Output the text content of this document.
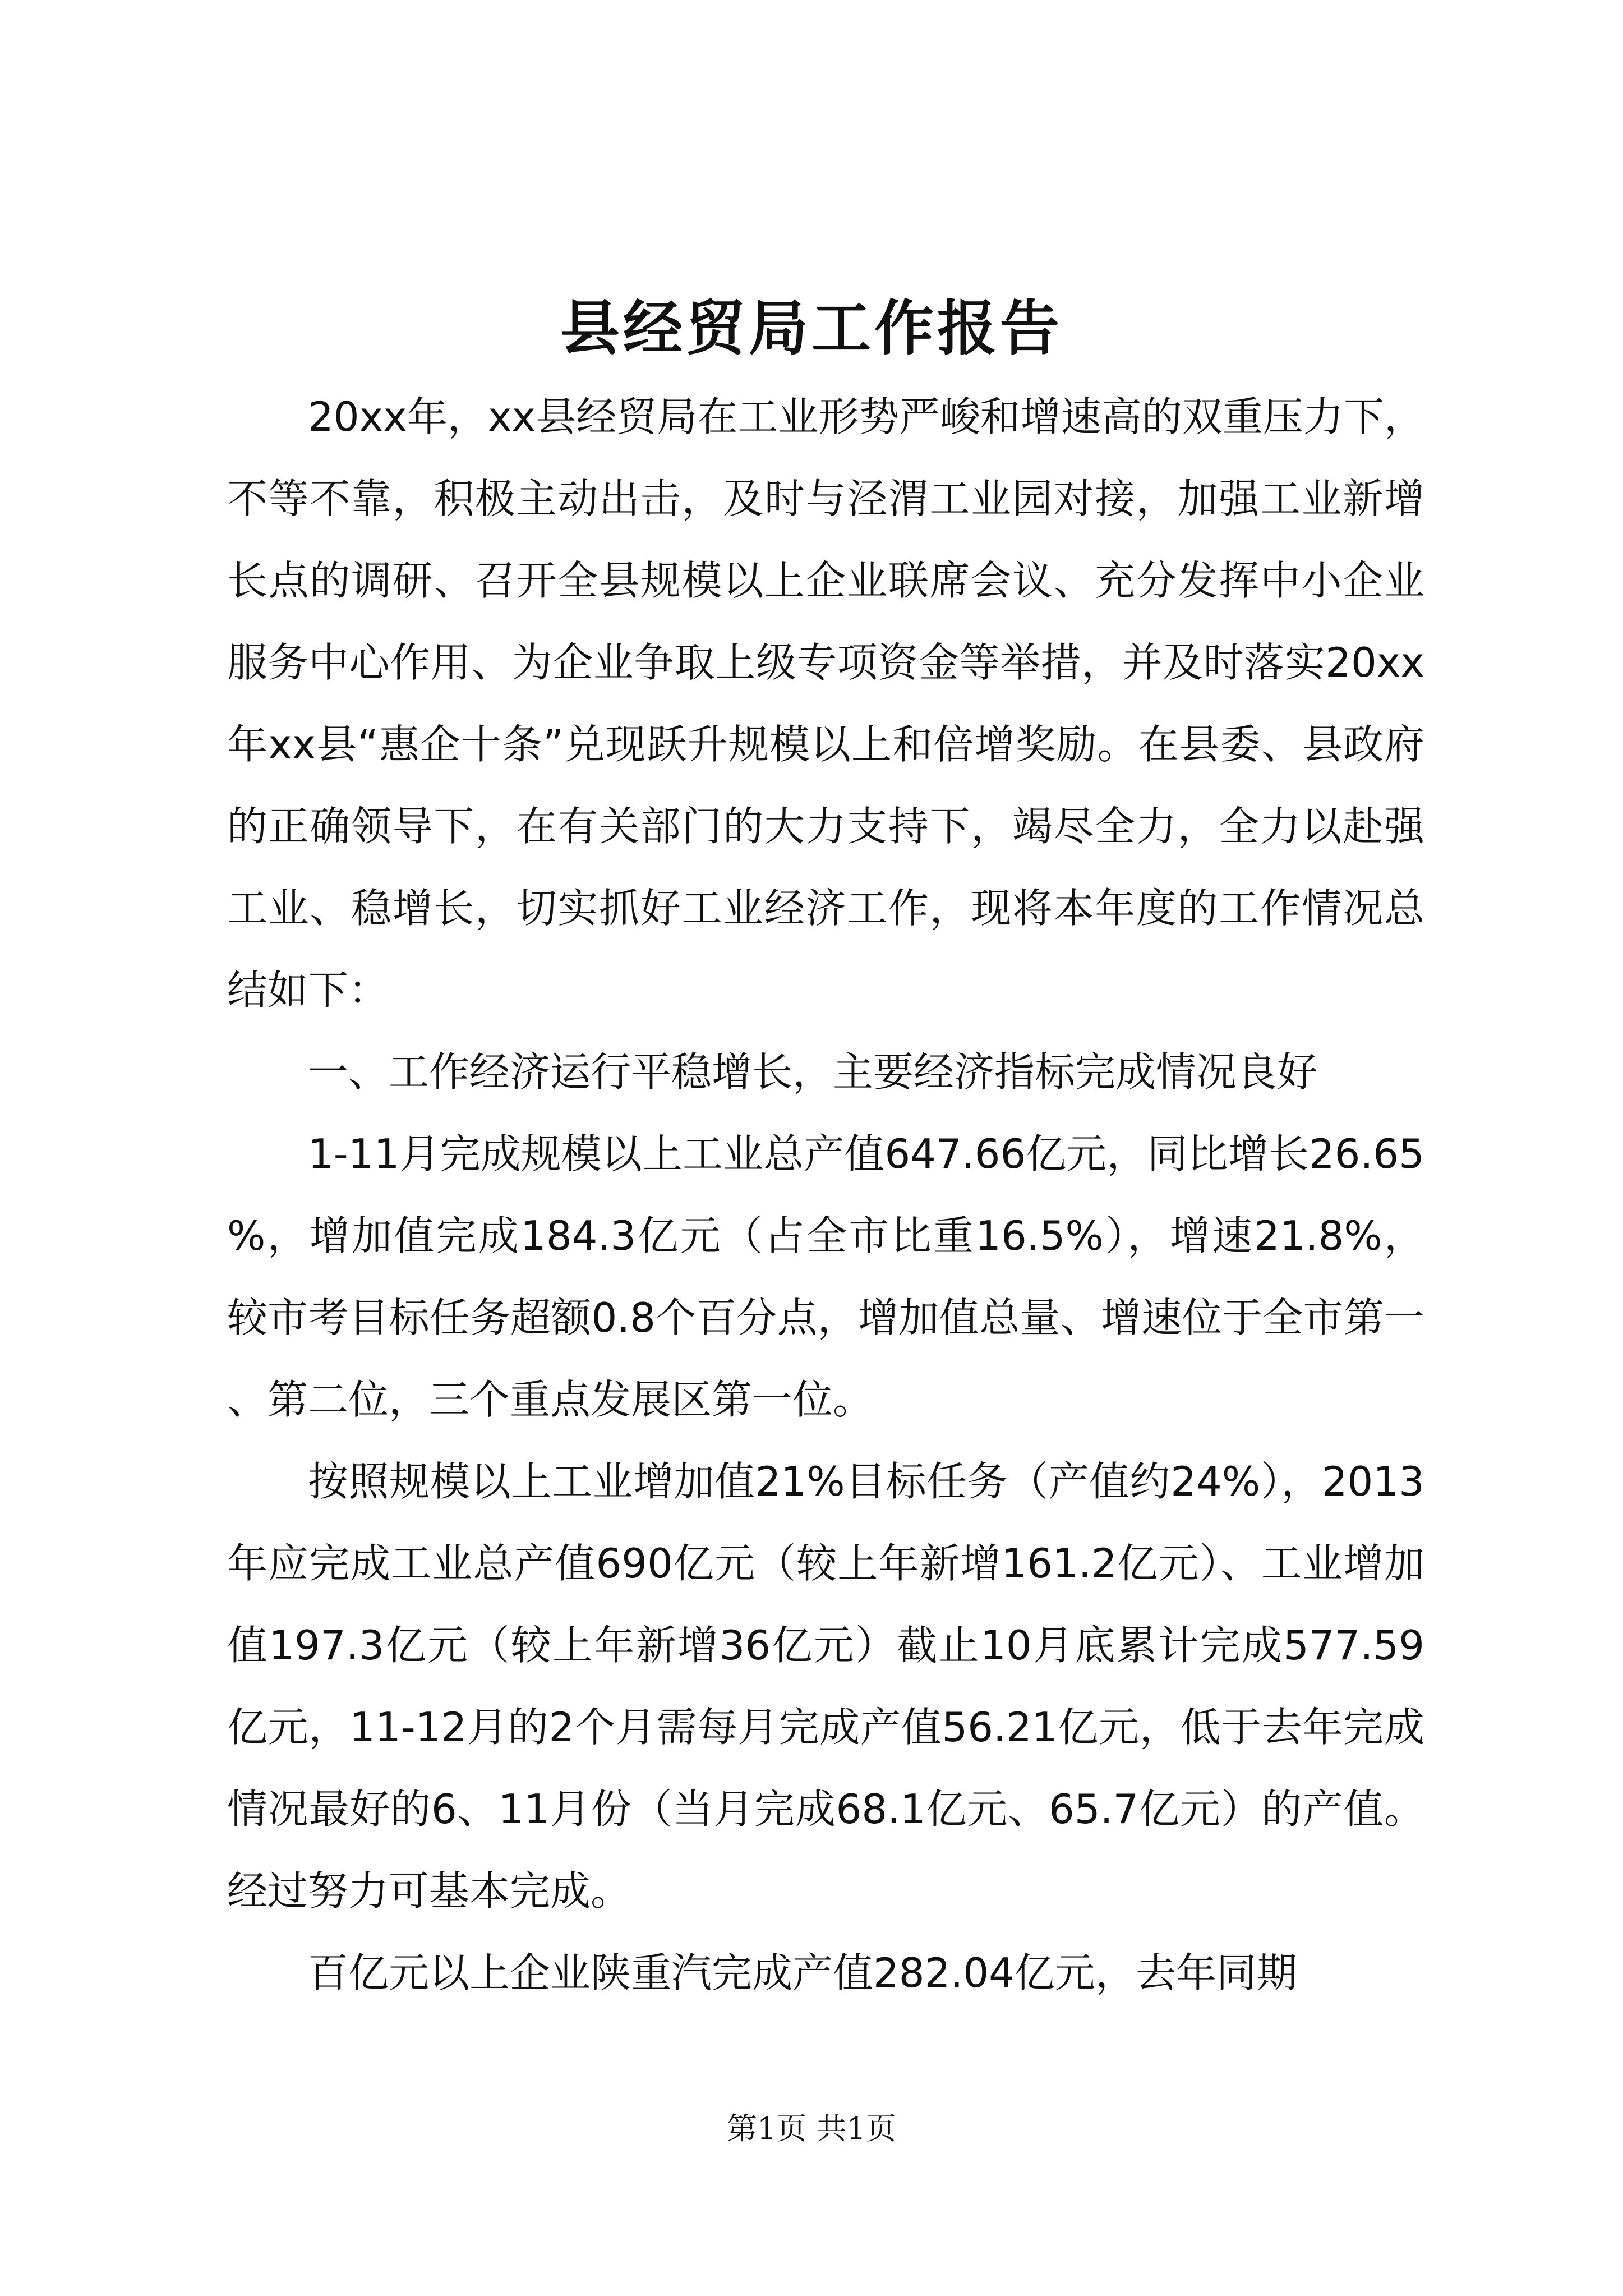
县经贸局工作报告

20xx年，xx县经贸局在工业形势严峻和增速高的双重压力下，不等不靠，积极主动出击，及时与泾渭工业园对接，加强工业新增长点的调研、召开全县规模以上企业联席会议、充分发挥中小企业服务中心作用、为企业争取上级专项资金等举措，并及时落实20xx年xx县“惠企十条”兑现跃升规模以上和倍增奖励。在县委、县政府的正确领导下，在有关部门的大力支持下，竭尽全力，全力以赴强工业、稳增长，切实抓好工业经济工作，现将本年度的工作情况总结如下：

一、工作经济运行平稳增长，主要经济指标完成情况良好

1-11月完成规模以上工业总产值647.66亿元，同比增长26.65%，增加值完成184.3亿元（占全市比重16.5%），增速21.8%，较市考目标任务超额0.8个百分点，增加值总量、增速位于全市第一、第二位，三个重点发展区第一位。

按照规模以上工业增加值21%目标任务（产值约24%），2013年应完成工业总产值690亿元（较上年新增161.2亿元）、工业增加值197.3亿元（较上年新增36亿元）截止10月底累计完成577.59亿元，11-12月的2个月需每月完成产值56.21亿元，低于去年完成情况最好的6、11月份（当月完成68.1亿元、65.7亿元）的产值。经过努力可基本完成。

百亿元以上企业陕重汽完成产值282.04亿元，去年同期

第1页 共1页
